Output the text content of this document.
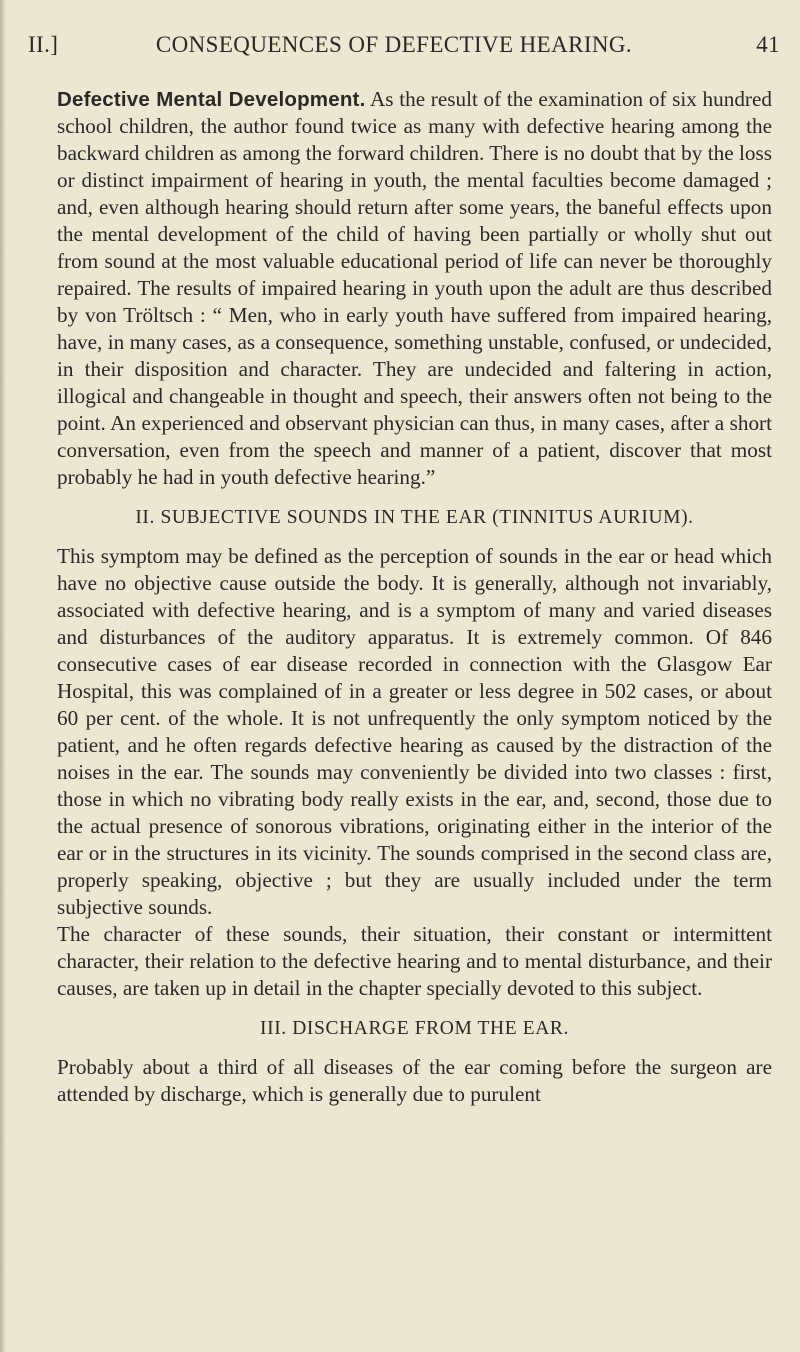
II.]	CONSEQUENCES OF DEFECTIVE HEARING.	41

Defective Mental Development. As the result of the examination of six hundred school children, the author found twice as many with defective hearing among the backward children as among the forward children. There is no doubt that by the loss or distinct impairment of hearing in youth, the mental faculties become damaged ; and, even although hearing should return after some years, the baneful effects upon the mental development of the child of having been partially or wholly shut out from sound at the most valuable educational period of life can never be thoroughly repaired. The results of impaired hearing in youth upon the adult are thus described by von Tröltsch : “ Men, who in early youth have suffered from impaired hearing, have, in many cases, as a consequence, something unstable, confused, or undecided, in their disposition and character. They are undecided and faltering in action, illogical and changeable in thought and speech, their answers often not being to the point. An experienced and observant physician can thus, in many cases, after a short conversation, even from the speech and manner of a patient, discover that most probably he had in youth defective hearing.”

II. SUBJECTIVE SOUNDS IN THE EAR (TINNITUS AURIUM).

This symptom may be defined as the perception of sounds in the ear or head which have no objective cause outside the body. It is generally, although not invariably, associated with defective hearing, and is a symptom of many and varied diseases and disturbances of the auditory apparatus. It is extremely common. Of 846 consecutive cases of ear disease recorded in connection with the Glasgow Ear Hospital, this was complained of in a greater or less degree in 502 cases, or about 60 per cent. of the whole. It is not unfrequently the only symptom noticed by the patient, and he often regards defective hearing as caused by the distraction of the noises in the ear. The sounds may conveniently be divided into two classes : first, those in which no vibrating body really exists in the ear, and, second, those due to the actual presence of sonorous vibrations, originating either in the interior of the ear or in the structures in its vicinity. The sounds comprised in the second class are, properly speaking, objective ; but they are usually included under the term subjective sounds.

The character of these sounds, their situation, their constant or intermittent character, their relation to the defective hearing and to mental disturbance, and their causes, are taken up in detail in the chapter specially devoted to this subject.

III. DISCHARGE FROM THE EAR.

Probably about a third of all diseases of the ear coming before the surgeon are attended by discharge, which is generally due to purulent
